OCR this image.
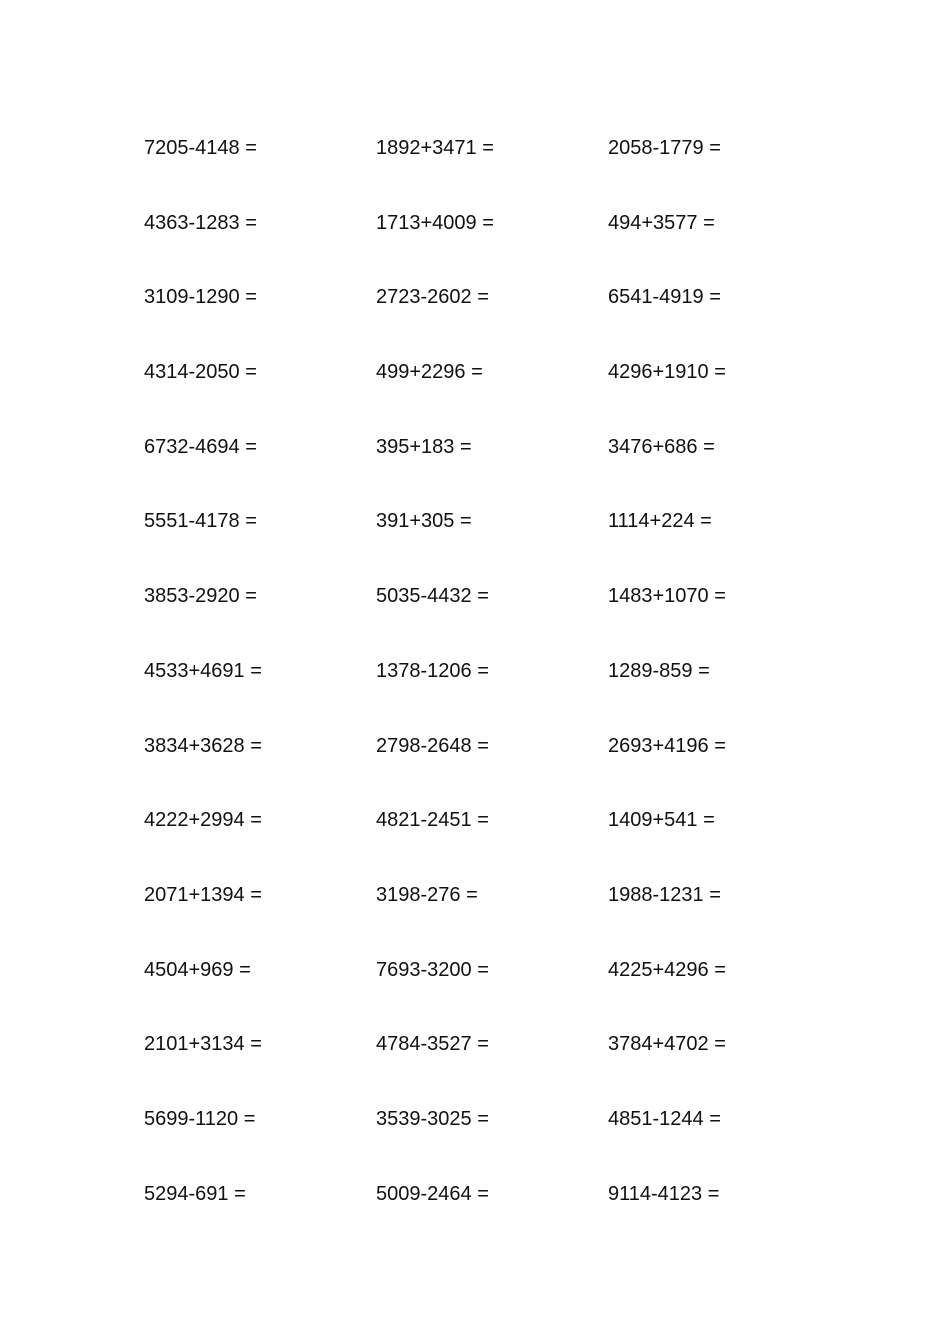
7205-4148 =	1892+3471 =	2058-1779 =
4363-1283 =	1713+4009 =	494+3577 =
3109-1290 =	2723-2602 =	6541-4919 =
4314-2050 =	499+2296 =	4296+1910 =
6732-4694 =	395+183 =	3476+686 =
5551-4178 =	391+305 =	1114+224 =
3853-2920 =	5035-4432 =	1483+1070 =
4533+4691 =	1378-1206 =	1289-859 =
3834+3628 =	2798-2648 =	2693+4196 =
4222+2994 =	4821-2451 =	1409+541 =
2071+1394 =	3198-276 =	1988-1231 =
4504+969 =	7693-3200 =	4225+4296 =
2101+3134 =	4784-3527 =	3784+4702 =
5699-1120 =	3539-3025 =	4851-1244 =
5294-691 =	5009-2464 =	9114-4123 =
